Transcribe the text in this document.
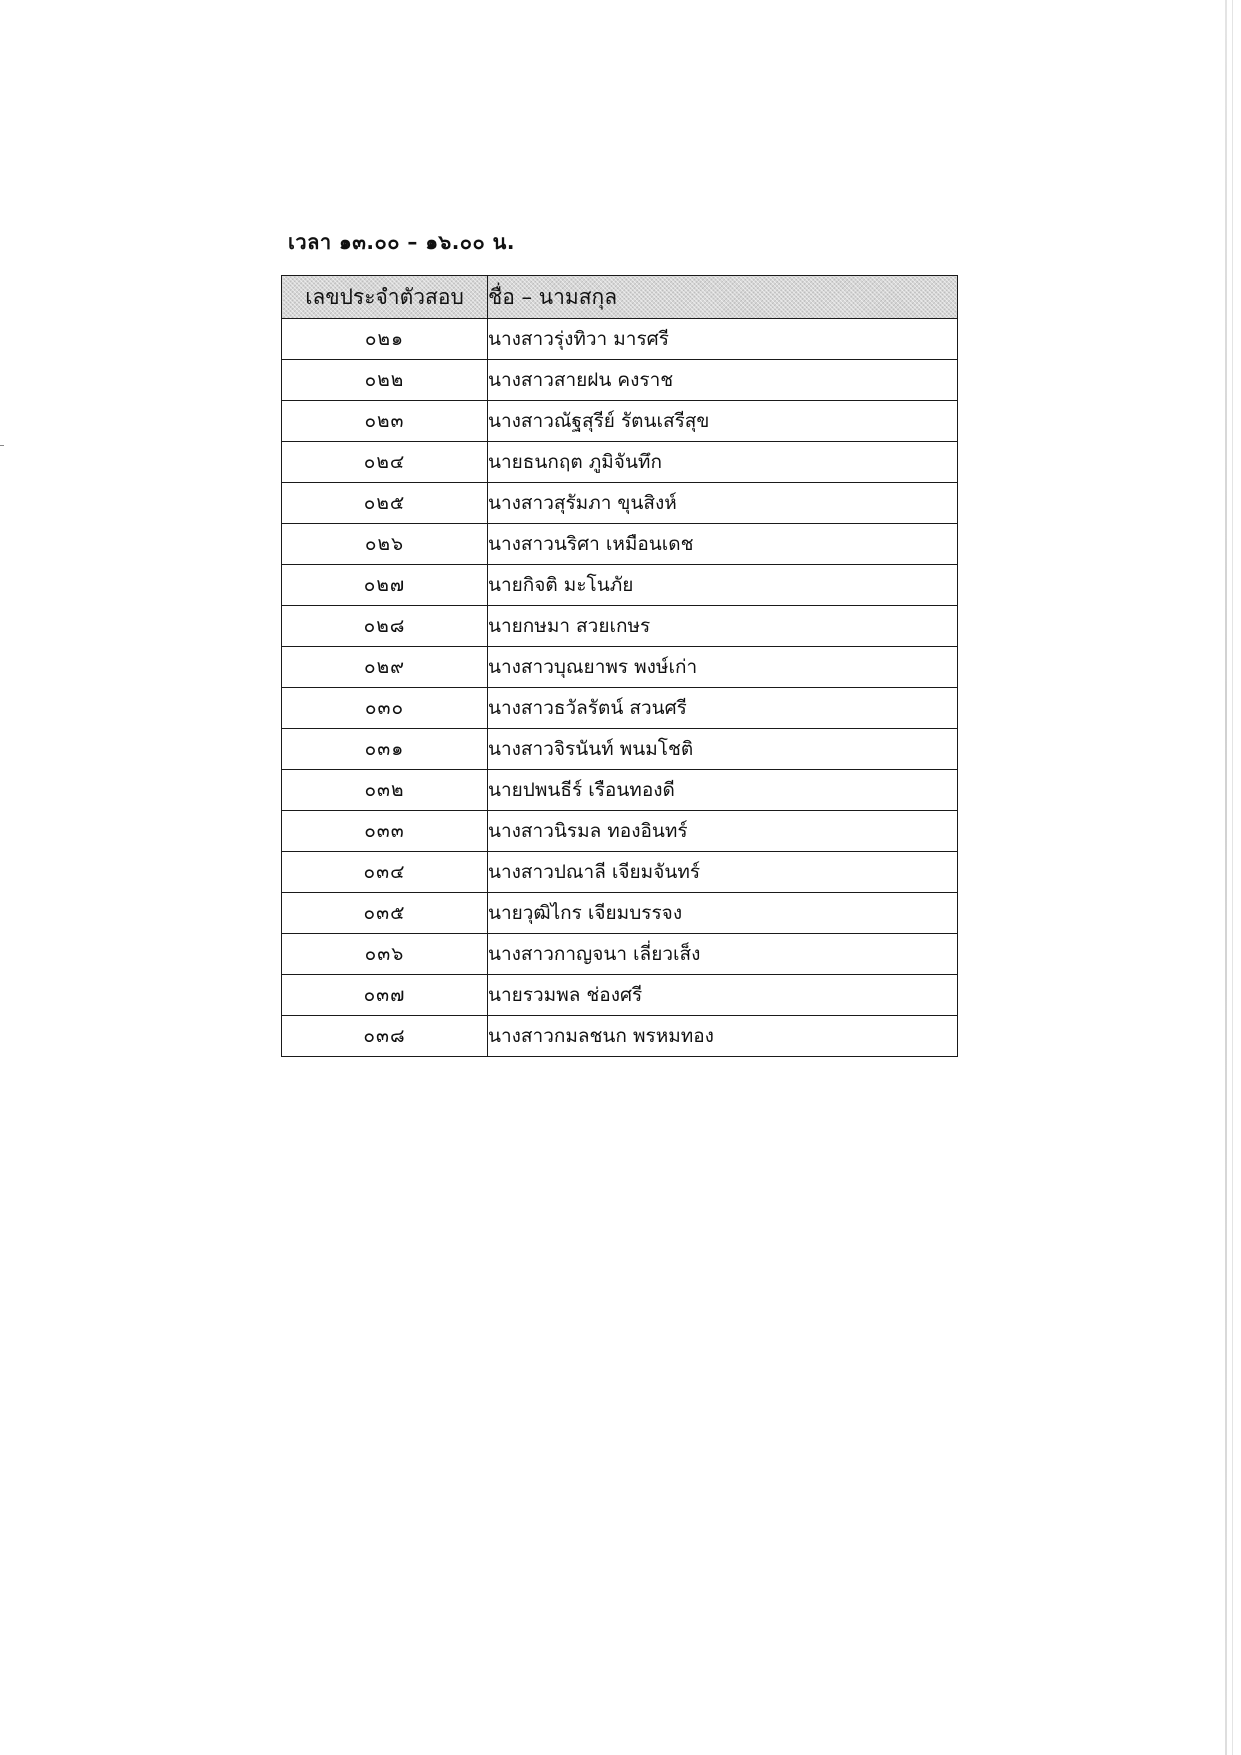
เวลา ๑๓.๐๐ – ๑๖.๐๐ น.
เลขประจำตัวสอบ	ชื่อ – นามสกุล
๐๒๑	นางสาวรุ่งทิวา มารศรี
๐๒๒	นางสาวสายฝน คงราช
๐๒๓	นางสาวณัฐสุรีย์ รัตนเสรีสุข
๐๒๔	นายธนกฤต ภูมิจันทึก
๐๒๕	นางสาวสุรัมภา ขุนสิงห์
๐๒๖	นางสาวนริศา เหมือนเดช
๐๒๗	นายกิจติ มะโนภัย
๐๒๘	นายกษมา สวยเกษร
๐๒๙	นางสาวบุณยาพร พงษ์เก่า
๐๓๐	นางสาวธวัลรัตน์ สวนศรี
๐๓๑	นางสาวจิรนันท์ พนมโชติ
๐๓๒	นายปพนธีร์ เรือนทองดี
๐๓๓	นางสาวนิรมล ทองอินทร์
๐๓๔	นางสาวปณาลี เจียมจันทร์
๐๓๕	นายวุฒิไกร เจียมบรรจง
๐๓๖	นางสาวกาญจนา เลี่ยวเส็ง
๐๓๗	นายรวมพล ช่องศรี
๐๓๘	นางสาวกมลชนก พรหมทอง
